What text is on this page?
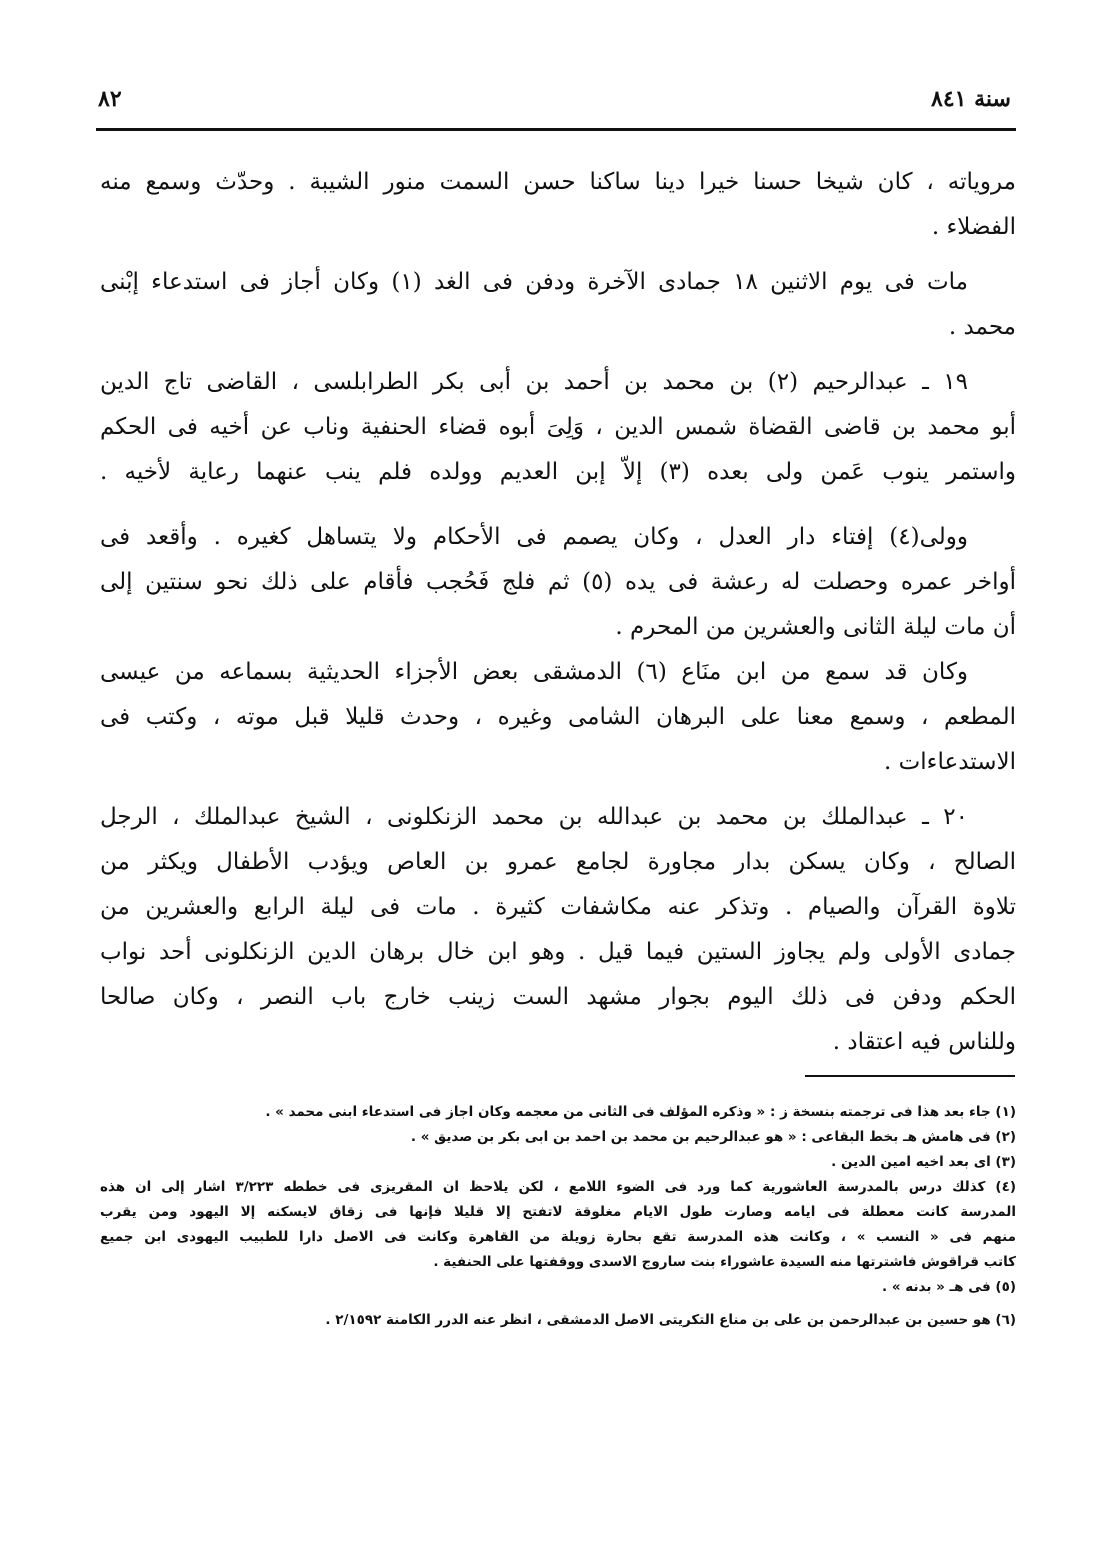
٨٢	سنة ٨٤١
مروياته ، كان شيخا حسنا خيرا دينا ساكنا حسن السمت منور الشيبة . وحدّث وسمع منه
الفضلاء .
مات فى يوم الاثنين ١٨ جمادى الآخرة ودفن فى الغد (١) وكان أجاز فى استدعاء إبْنى
محمد .
١٩ ـ عبدالرحيم (٢) بن محمد بن أحمد بن أبى بكر الطرابلسى ، القاضى تاج الدين
أبو محمد بن قاضى القضاة شمس الدين ، وَلِىَ أبوه قضاء الحنفية وناب عن أخيه فى الحكم
واستمر ينوب عَمن ولى بعده (٣) إلاّ إبن العديم وولده فلم ينب عنهما رعاية لأخيه .
وولى(٤) إفتاء دار العدل ، وكان يصمم فى الأحكام ولا يتساهل كغيره . وأقعد فى
أواخر عمره وحصلت له رعشة فى يده (٥) ثم فلج فَحُجب فأقام على ذلك نحو سنتين إلى
أن مات ليلة الثانى والعشرين من المحرم .
وكان قد سمع من ابن منَاع (٦) الدمشقى بعض الأجزاء الحديثية بسماعه من عيسى
المطعم ، وسمع معنا على البرهان الشامى وغيره ، وحدث قليلا قبل موته ، وكتب فى
الاستدعاءات .
٢٠ ـ عبدالملك بن محمد بن عبدالله بن محمد الزنكلونى ، الشيخ عبدالملك ، الرجل
الصالح ، وكان يسكن بدار مجاورة لجامع عمرو بن العاص ويؤدب الأطفال ويكثر من
تلاوة القرآن والصيام . وتذكر عنه مكاشفات كثيرة . مات فى ليلة الرابع والعشرين من
جمادى الأولى ولم يجاوز الستين فيما قيل . وهو ابن خال برهان الدين الزنكلونى أحد نواب
الحكم ودفن فى ذلك اليوم بجوار مشهد الست زينب خارج باب النصر ، وكان صالحا
وللناس فيه اعتقاد .
(١) جاء بعد هذا فى ترجمته بنسخة ز : « وذكره المؤلف فى الثانى من معجمه وكان اجاز فى استدعاء ابنى محمد » .
(٢) فى هامش هـ بخط البقاعى : « هو عبدالرحيم بن محمد بن احمد بن ابى بكر بن صديق » .
(٣) اى بعد اخيه امين الدين .
(٤) كذلك درس بالمدرسة العاشورية كما ورد فى الضوء اللامع ، لكن يلاحظ ان المقريزى فى خططه ٣/٢٢٣ اشار إلى ان هذه
المدرسة كانت معطلة فى ايامه وصارت طول الايام مغلوقة لاتفتح إلا قليلا فإنها فى زقاق لايسكنه إلا اليهود ومن يقرب
منهم فى « النسب » ، وكانت هذه المدرسة تقع بحارة زويلة من القاهرة وكانت فى الاصل دارا للطبيب اليهودى ابن جميع
كاتب قراقوش فاشترتها منه السيدة عاشوراء بنت ساروج الاسدى ووقفتها على الحنفية .
(٥) فى هـ « بدنه » .
(٦) هو حسين بن عبدالرحمن بن على بن مناع التكريتى الاصل الدمشقى ، انظر عنه الدرر الكامنة ٢/١٥٩٢ .
